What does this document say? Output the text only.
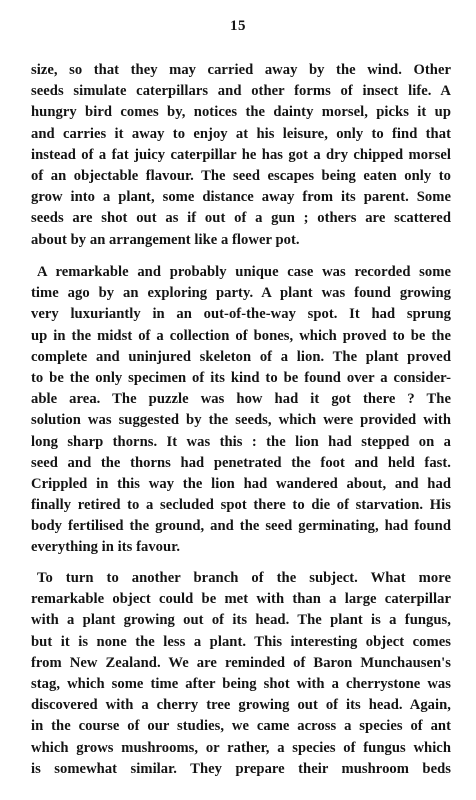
15
size, so that they may carried away by the wind. Other
seeds simulate caterpillars and other forms of insect life. A
hungry bird comes by, notices the dainty morsel, picks it up
and carries it away to enjoy at his leisure, only to find that
instead of a fat juicy caterpillar he has got a dry chipped morsel
of an objectable flavour. The seed escapes being eaten only to
grow into a plant, some distance away from its parent. Some
seeds are shot out as if out of a gun ; others are scattered
about by an arrangement like a flower pot.
A remarkable and probably unique case was recorded some
time ago by an exploring party. A plant was found growing
very luxuriantly in an out-of-the-way spot. It had sprung
up in the midst of a collection of bones, which proved to be the
complete and uninjured skeleton of a lion. The plant proved
to be the only specimen of its kind to be found over a consider-
able area. The puzzle was how had it got there ? The
solution was suggested by the seeds, which were provided with
long sharp thorns. It was this : the lion had stepped on a
seed and the thorns had penetrated the foot and held fast.
Crippled in this way the lion had wandered about, and had
finally retired to a secluded spot there to die of starvation. His
body fertilised the ground, and the seed germinating, had found
everything in its favour.
To turn to another branch of the subject. What more
remarkable object could be met with than a large caterpillar
with a plant growing out of its head. The plant is a fungus,
but it is none the less a plant. This interesting object comes
from New Zealand. We are reminded of Baron Munchausen's
stag, which some time after being shot with a cherrystone was
discovered with a cherry tree growing out of its head. Again,
in the course of our studies, we came across a species of ant
which grows mushrooms, or rather, a species of fungus which
is somewhat similar. They prepare their mushroom beds
